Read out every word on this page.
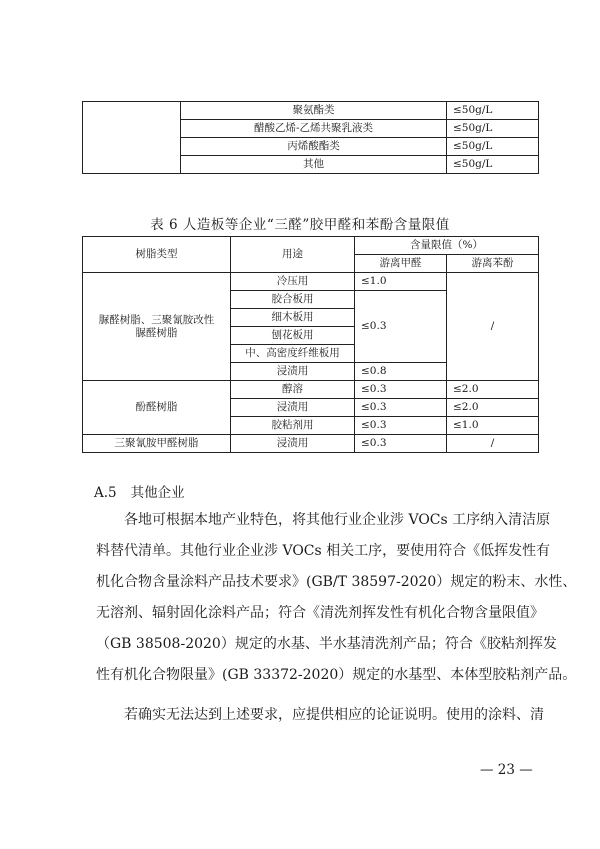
	聚氨酯类	≤50g/L
	醋酸乙烯-乙烯共聚乳液类	≤50g/L
	丙烯酸酯类	≤50g/L
	其他	≤50g/L
表 6 人造板等企业“三醛”胶甲醛和苯酚含量限值
树脂类型	用途	含量限值（%）	
		游离甲醛	游离苯酚
脲醛树脂、三聚氰胺改性
脲醛树脂	冷压用	≤1.0	/
	胶合板用	≤0.3	
	细木板用		
	刨花板用		
	中、高密度纤维板用		
	浸渍用	≤0.8	
酚醛树脂	醇溶	≤0.3	≤2.0
	浸渍用	≤0.3	≤2.0
	胶粘剂用	≤0.3	≤1.0
三聚氰胺甲醛树脂	浸渍用	≤0.3	/
A.5 其他企业
各地可根据本地产业特色，将其他行业企业涉 VOCs 工序纳入清洁原
料替代清单。其他行业企业涉 VOCs 相关工序，要使用符合《低挥发性有
机化合物含量涂料产品技术要求》(GB/T 38597-2020）规定的粉末、水性、
无溶剂、辐射固化涂料产品；符合《清洗剂挥发性有机化合物含量限值》
（GB 38508-2020）规定的水基、半水基清洗剂产品；符合《胶粘剂挥发
性有机化合物限量》(GB 33372-2020）规定的水基型、本体型胶粘剂产品。
若确实无法达到上述要求，应提供相应的论证说明。使用的涂料、清
— 23 —
